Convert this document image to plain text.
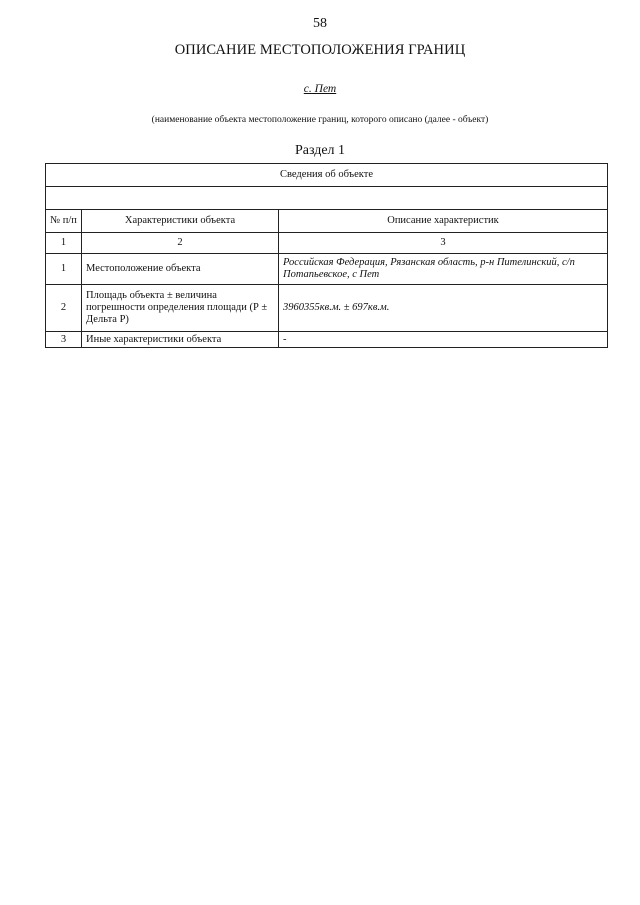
58
ОПИСАНИЕ МЕСТОПОЛОЖЕНИЯ ГРАНИЦ
с. Пет
(наименование объекта местоположение границ, которого описано (далее - объект)
Раздел 1
Сведения об объекте		

№ п/п	Характеристики объекта	Описание характеристик
1	2	3
1	Местоположение объекта	Российская Федерация, Рязанская область, р-н Пителинский, с/п Потапьевское, с Пет
2	Площадь объекта ± величина погрешности определения площади (Р ± Дельта Р)	3960355кв.м. ± 697кв.м.
3	Иные характеристики объекта	-
